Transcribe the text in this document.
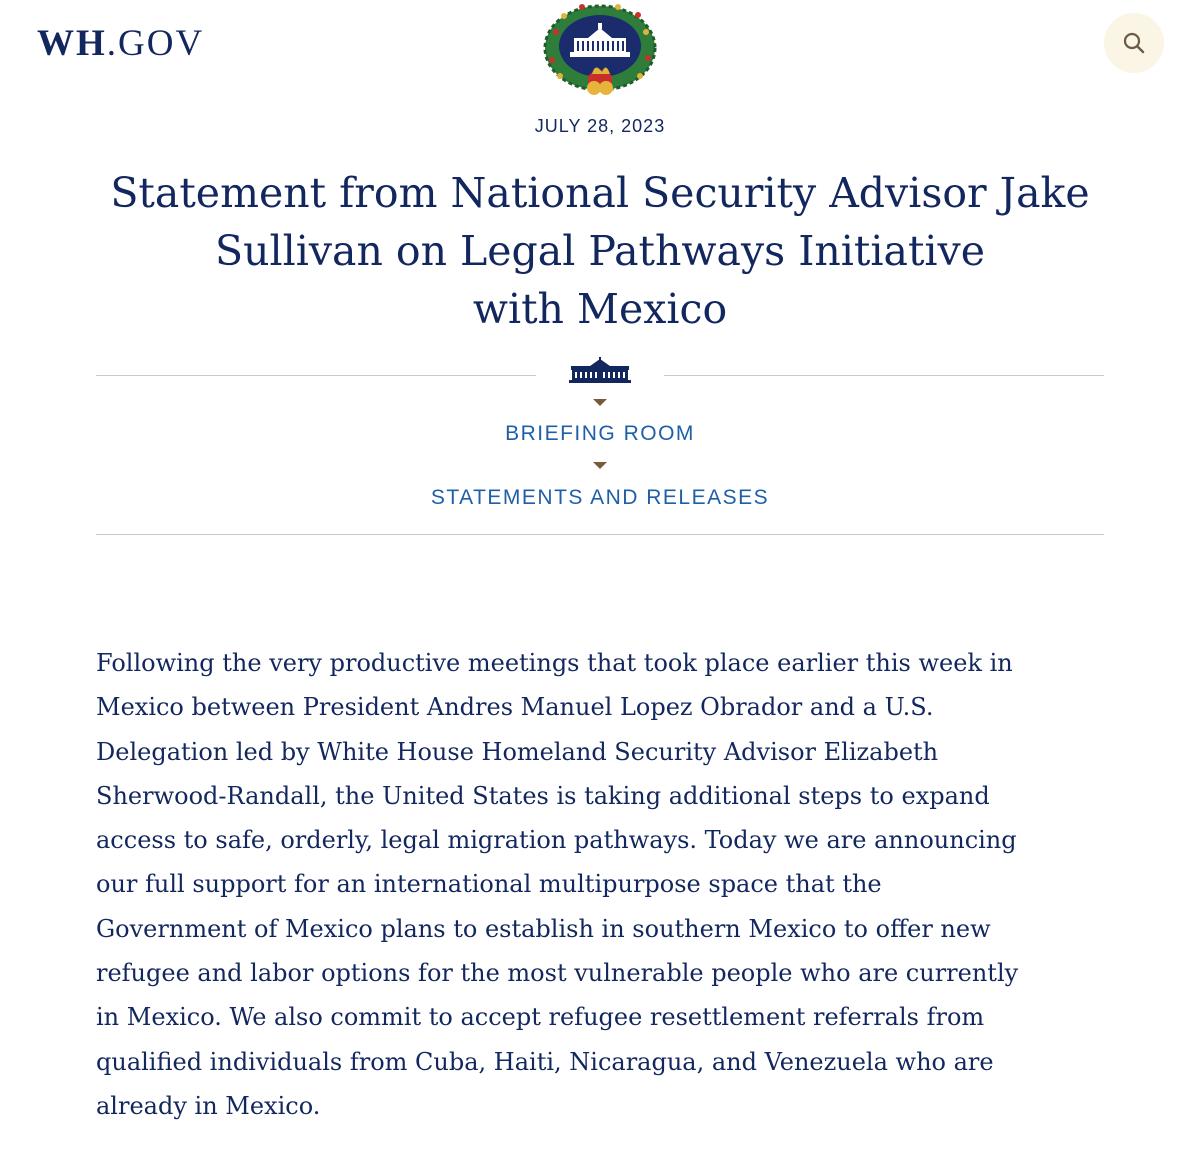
WH.GOV
JULY 28, 2023
Statement from National Security Advisor Jake
Sullivan on Legal Pathways Initiative
with Mexico
BRIEFING ROOM
STATEMENTS AND RELEASES

Following the very productive meetings that took place earlier this week in
Mexico between President Andres Manuel Lopez Obrador and a U.S.
Delegation led by White House Homeland Security Advisor Elizabeth
Sherwood-Randall, the United States is taking additional steps to expand
access to safe, orderly, legal migration pathways. Today we are announcing
our full support for an international multipurpose space that the
Government of Mexico plans to establish in southern Mexico to offer new
refugee and labor options for the most vulnerable people who are currently
in Mexico. We also commit to accept refugee resettlement referrals from
qualified individuals from Cuba, Haiti, Nicaragua, and Venezuela who are
already in Mexico.
